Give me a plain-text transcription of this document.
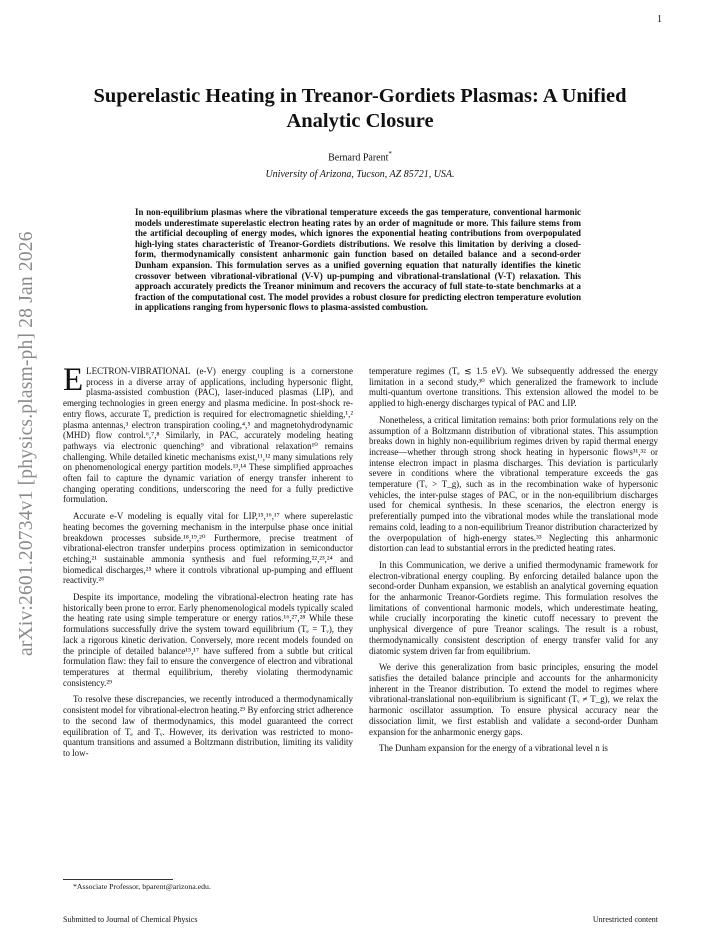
1
arXiv:2601.20734v1 [physics.plasm-ph] 28 Jan 2026
Superelastic Heating in Treanor-Gordiets Plasmas: A Unified Analytic Closure
Bernard Parent*
University of Arizona, Tucson, AZ 85721, USA.
In non-equilibrium plasmas where the vibrational temperature exceeds the gas temperature, conventional harmonic models underestimate superelastic electron heating rates by an order of magnitude or more. This failure stems from the artificial decoupling of energy modes, which ignores the exponential heating contributions from overpopulated high-lying states characteristic of Treanor-Gordiets distributions. We resolve this limitation by deriving a closed-form, thermodynamically consistent anharmonic gain function based on detailed balance and a second-order Dunham expansion. This formulation serves as a unified governing equation that naturally identifies the kinetic crossover between vibrational-vibrational (V-V) up-pumping and vibrational-translational (V-T) relaxation. This approach accurately predicts the Treanor minimum and recovers the accuracy of full state-to-state benchmarks at a fraction of the computational cost. The model provides a robust closure for predicting electron temperature evolution in applications ranging from hypersonic flows to plasma-assisted combustion.

ELECTRON-VIBRATIONAL (e-V) energy coupling is a cornerstone process in a diverse array of applications, including hypersonic flight, plasma-assisted combustion (PAC), laser-induced plasmas (LIP), and emerging technologies in green energy and plasma medicine. In post-shock re-entry flows, accurate Tₑ prediction is required for electromagnetic shielding,¹,² plasma antennas,³ electron transpiration cooling,⁴,⁵ and magnetohydrodynamic (MHD) flow control.⁶,⁷,⁸ Similarly, in PAC, accurately modeling heating pathways via electronic quenching⁹ and vibrational relaxation¹⁰ remains challenging. While detailed kinetic mechanisms exist,¹¹,¹² many simulations rely on phenomenological energy partition models.¹³,¹⁴ These simplified approaches often fail to capture the dynamic variation of energy transfer inherent to changing operating conditions, underscoring the need for a fully predictive formulation.

Accurate e-V modeling is equally vital for LIP,¹⁵,¹⁶,¹⁷ where superelastic heating becomes the governing mechanism in the interpulse phase once initial breakdown processes subside.¹⁸,¹⁹,²⁰ Furthermore, precise treatment of vibrational-electron transfer underpins process optimization in semiconductor etching,²¹ sustainable ammonia synthesis and fuel reforming,²²,²³,²⁴ and biomedical discharges,²⁵ where it controls vibrational up-pumping and effluent reactivity.²⁶

Despite its importance, modeling the vibrational-electron heating rate has historically been prone to error. Early phenomenological models typically scaled the heating rate using simple temperature or energy ratios.¹⁶,²⁷,²⁸ While these formulations successfully drive the system toward equilibrium (Tₑ = Tᵥ), they lack a rigorous kinetic derivation. Conversely, more recent models founded on the principle of detailed balance¹⁵,¹⁷ have suffered from a subtle but critical formulation flaw: they fail to ensure the convergence of electron and vibrational temperatures at thermal equilibrium, thereby violating thermodynamic consistency.²⁹

To resolve these discrepancies, we recently introduced a thermodynamically consistent model for vibrational-electron heating.²⁹ By enforcing strict adherence to the second law of thermodynamics, this model guaranteed the correct equilibration of Tₑ and Tᵥ. However, its derivation was restricted to mono-quantum transitions and assumed a Boltzmann distribution, limiting its validity to low-

temperature regimes (Tₑ ≲ 1.5 eV). We subsequently addressed the energy limitation in a second study,³⁰ which generalized the framework to include multi-quantum overtone transitions. This extension allowed the model to be applied to high-energy discharges typical of PAC and LIP.

Nonetheless, a critical limitation remains: both prior formulations rely on the assumption of a Boltzmann distribution of vibrational states. This assumption breaks down in highly non-equilibrium regimes driven by rapid thermal energy increase—whether through strong shock heating in hypersonic flows³¹,³² or intense electron impact in plasma discharges. This deviation is particularly severe in conditions where the vibrational temperature exceeds the gas temperature (Tᵥ > T_g), such as in the recombination wake of hypersonic vehicles, the inter-pulse stages of PAC, or in the non-equilibrium discharges used for chemical synthesis. In these scenarios, the electron energy is preferentially pumped into the vibrational modes while the translational mode remains cold, leading to a non-equilibrium Treanor distribution characterized by the overpopulation of high-energy states.³³ Neglecting this anharmonic distortion can lead to substantial errors in the predicted heating rates.

In this Communication, we derive a unified thermodynamic framework for electron-vibrational energy coupling. By enforcing detailed balance upon the second-order Dunham expansion, we establish an analytical governing equation for the anharmonic Treanor-Gordiets regime. This formulation resolves the limitations of conventional harmonic models, which underestimate heating, while crucially incorporating the kinetic cutoff necessary to prevent the unphysical divergence of pure Treanor scalings. The result is a robust, thermodynamically consistent description of energy transfer valid for any diatomic system driven far from equilibrium.

We derive this generalization from basic principles, ensuring the model satisfies the detailed balance principle and accounts for the anharmonicity inherent in the Treanor distribution. To extend the model to regimes where vibrational-translational non-equilibrium is significant (Tᵥ ≠ T_g), we relax the harmonic oscillator assumption. To ensure physical accuracy near the dissociation limit, we first establish and validate a second-order Dunham expansion for the anharmonic energy gaps.

The Dunham expansion for the energy of a vibrational level n is

*Associate Professor, bparent@arizona.edu.
Submitted to Journal of Chemical Physics	Unrestricted content
